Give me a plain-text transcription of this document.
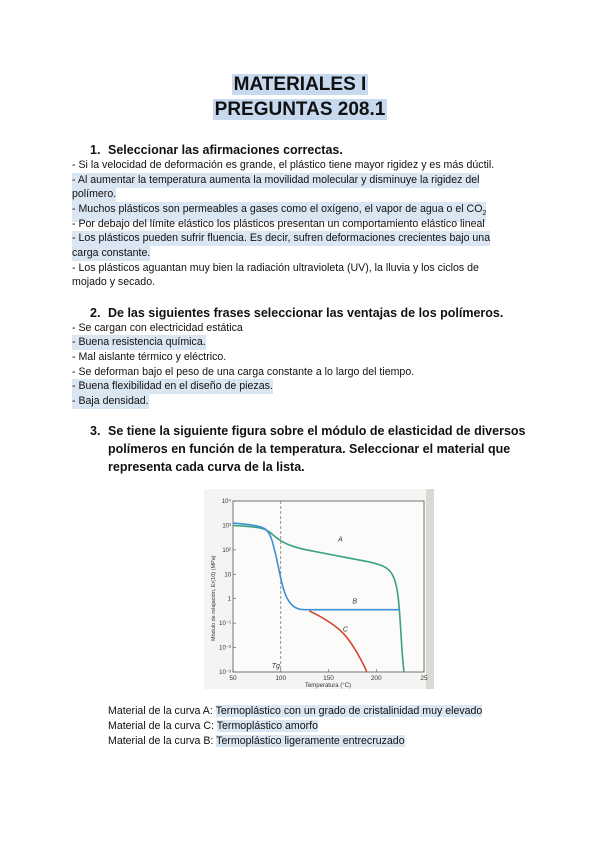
MATERIALES I
PREGUNTAS 208.1
1. Seleccionar las afirmaciones correctas.
- Si la velocidad de deformación es grande, el plástico tiene mayor rigidez y es más dúctil.
- Al aumentar la temperatura aumenta la movilidad molecular y disminuye la rigidez del
polímero.
- Muchos plásticos son permeables a gases como el oxígeno, el vapor de agua o el $CO_2$
- Por debajo del límite elástico los plásticos presentan un comportamiento elástico lineal
- Los plásticos pueden sufrir fluencia. Es decir, sufren deformaciones crecientes bajo una
carga constante.
- Los plásticos aguantan muy bien la radiación ultravioleta (UV), la lluvia y los ciclos de
mojado y secado.
2. De las siguientes frases seleccionar las ventajas de los polímeros.
- Se cargan con electricidad estática
- Buena resistencia química.
- Mal aislante térmico y eléctrico.
- Se deforman bajo el peso de una carga constante a lo largo del tiempo.
- Buena flexibilidad en el diseño de piezas.
- Baja densidad.
3. Se tiene la siguiente figura sobre el módulo de elasticidad de diversos
polímeros en función de la temperatura. Seleccionar el material que
representa cada curva de la lista.
10⁴
10³
10²
10
1
10⁻¹
10⁻²
10⁻³
50	100	150	200	25
Tg
A
B
C
Módulo de relajación, Er(10) (MPa)
Temperatura (°C)
Material de la curva A: Termoplástico con un grado de cristalinidad muy elevado
Material de la curva C: Termoplástico amorfo
Material de la curva B: Termoplástico ligeramente entrecruzado
